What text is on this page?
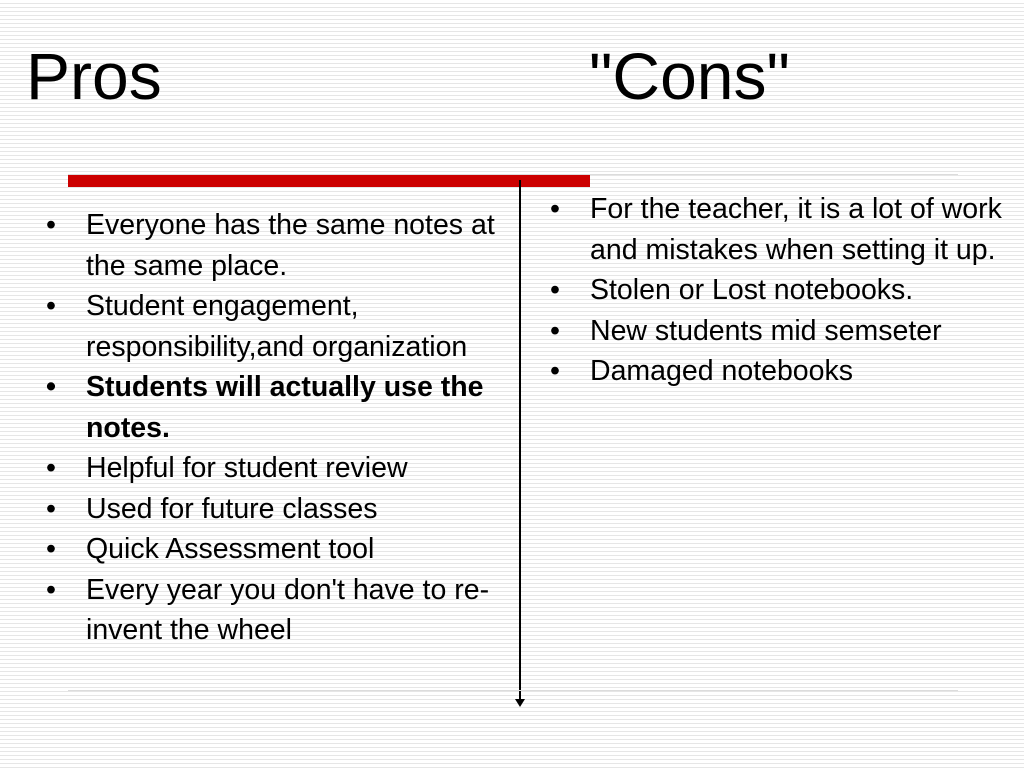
Pros	"Cons"
• Everyone has the same notes at the same place.
• Student engagement, responsibility,and organization
• Students will actually use the notes.
• Helpful for student review
• Used for future classes
• Quick Assessment tool
• Every year you don't have to re-invent the wheel
• For the teacher, it is a lot of work and mistakes when setting it up.
• Stolen or Lost notebooks.
• New students mid semseter
• Damaged notebooks
